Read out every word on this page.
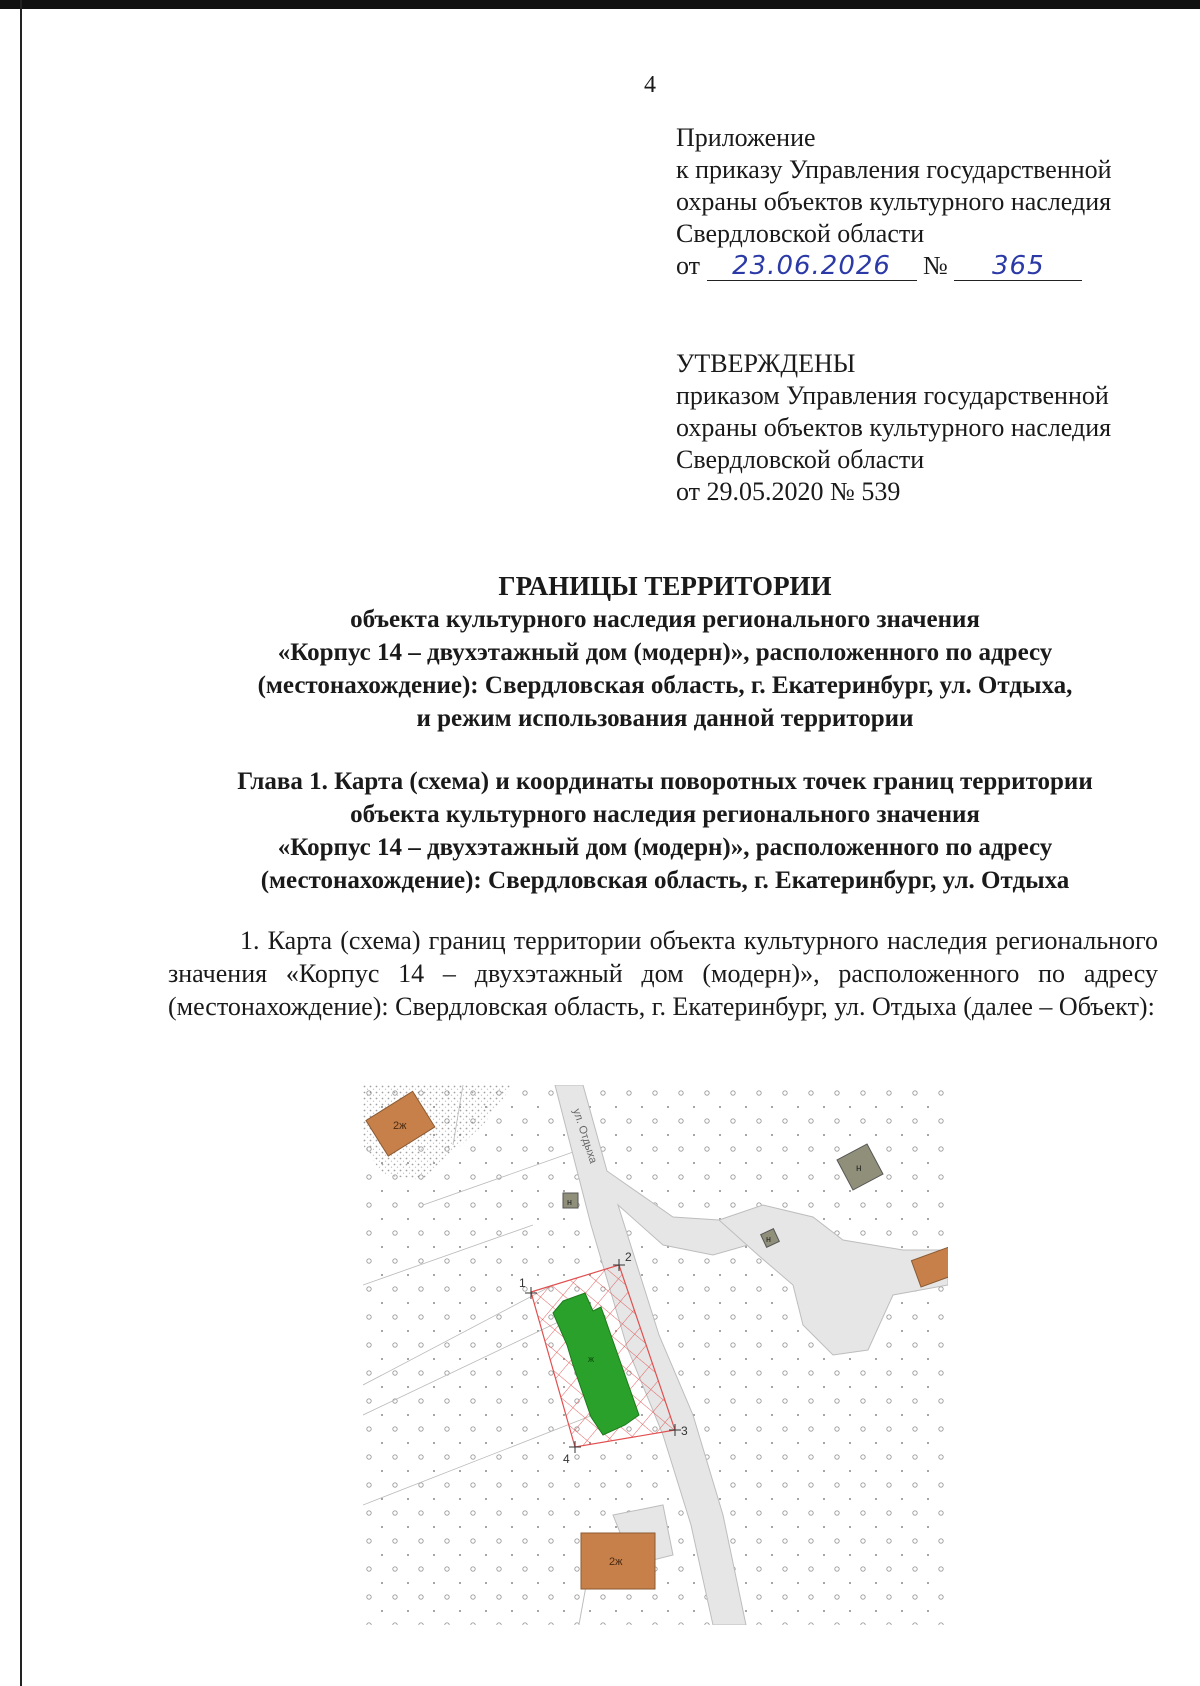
4
Приложение
к приказу Управления государственной
охраны объектов культурного наследия
Свердловской области
от 23.06.2026 № 365
УТВЕРЖДЕНЫ
приказом Управления государственной
охраны объектов культурного наследия
Свердловской области
от 29.05.2020 № 539
ГРАНИЦЫ ТЕРРИТОРИИ
объекта культурного наследия регионального значения
«Корпус 14 – двухэтажный дом (модерн)», расположенного по адресу
(местонахождение): Свердловская область, г. Екатеринбург, ул. Отдыха,
и режим использования данной территории
Глава 1. Карта (схема) и координаты поворотных точек границ территории
объекта культурного наследия регионального значения
«Корпус 14 – двухэтажный дом (модерн)», расположенного по адресу
(местонахождение): Свердловская область, г. Екатеринбург, ул. Отдыха
1. Карта (схема) границ территории объекта культурного наследия регионального значения «Корпус 14 – двухэтажный дом (модерн)», расположенного по адресу (местонахождение): Свердловская область, г. Екатеринбург, ул. Отдыха (далее – Объект):
ул. Отдыха
2ж
2ж
н
н
н
ж
1
2
3
4
